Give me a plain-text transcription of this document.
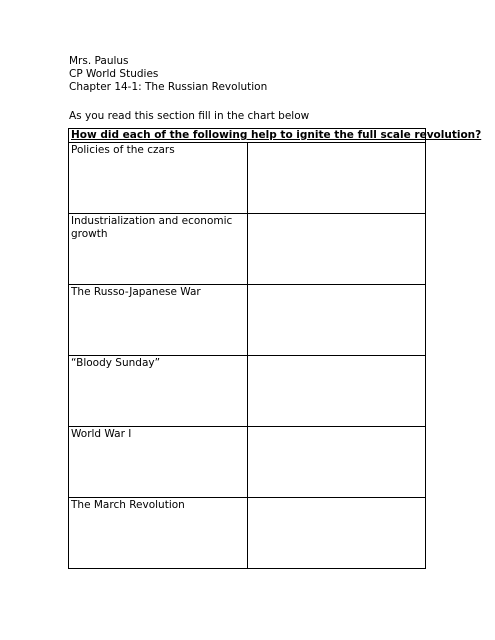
Mrs. Paulus
CP World Studies
Chapter 14-1: The Russian Revolution
As you read this section fill in the chart below
How did each of the following help to ignite the full scale revolution?	
Policies of the czars	
Industrialization and economic growth	
The Russo-Japanese War	
“Bloody Sunday”	
World War I	
The March Revolution	
